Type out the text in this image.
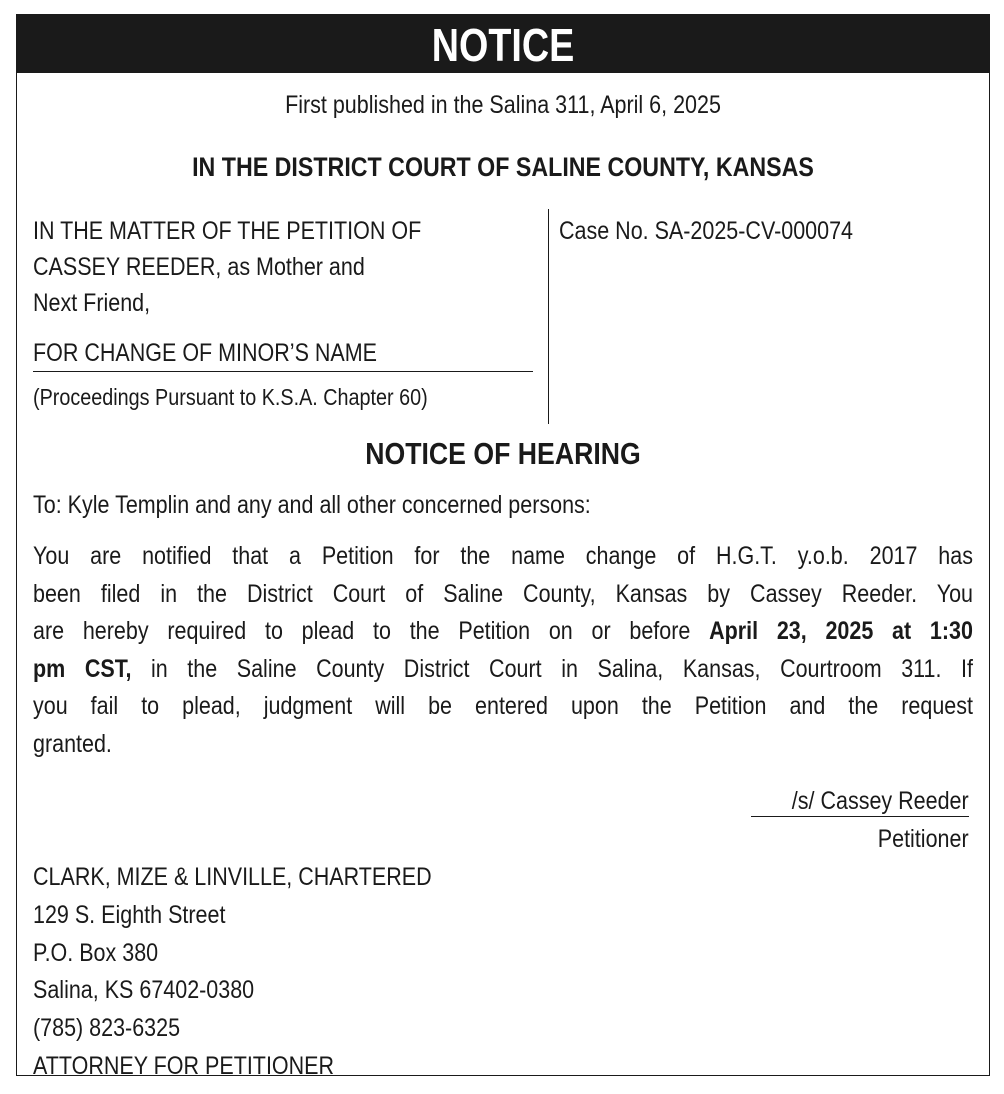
NOTICE
First published in the Salina 311, April 6, 2025
IN THE DISTRICT COURT OF SALINE COUNTY, KANSAS
IN THE MATTER OF THE PETITION OF
CASSEY REEDER, as Mother and
Next Friend,
FOR CHANGE OF MINOR’S NAME
(Proceedings Pursuant to K.S.A. Chapter 60)
Case No. SA-2025-CV-000074
NOTICE OF HEARING
To: Kyle Templin and any and all other concerned persons:
You are notified that a Petition for the name change of H.G.T. y.o.b. 2017 has
been filed in the District Court of Saline County, Kansas by Cassey Reeder. You
are hereby required to plead to the Petition on or before April 23, 2025 at 1:30
pm CST, in the Saline County District Court in Salina, Kansas, Courtroom 311. If
you fail to plead, judgment will be entered upon the Petition and the request
granted.
/s/ Cassey Reeder
Petitioner
CLARK, MIZE & LINVILLE, CHARTERED
129 S. Eighth Street
P.O. Box 380
Salina, KS 67402-0380
(785) 823-6325
ATTORNEY FOR PETITIONER
